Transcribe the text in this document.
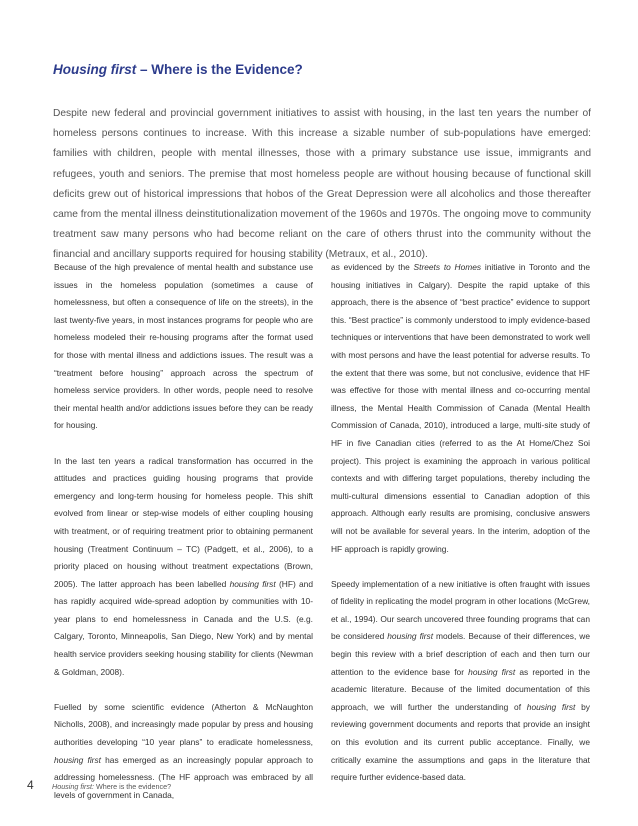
Housing first – Where is the Evidence?

Despite new federal and provincial government initiatives to assist with housing, in the last ten years the number of homeless persons continues to increase. With this increase a sizable number of sub-populations have emerged: families with children, people with mental illnesses, those with a primary substance use issue, immigrants and refugees, youth and seniors. The premise that most homeless people are without housing because of functional skill deficits grew out of historical impressions that hobos of the Great Depression were all alcoholics and those thereafter came from the mental illness deinstitutionalization movement of the 1960s and 1970s. The ongoing move to community treatment saw many persons who had become reliant on the care of others thrust into the community without the financial and ancillary supports required for housing stability (Metraux, et al., 2010).

Because of the high prevalence of mental health and substance use issues in the homeless population (sometimes a cause of homelessness, but often a consequence of life on the streets), in the last twenty-five years, in most instances programs for people who are homeless modeled their re-housing programs after the format used for those with mental illness and addictions issues. The result was a “treatment before housing” approach across the spectrum of homeless service providers. In other words, people need to resolve their mental health and/or addictions issues before they can be ready for housing.

In the last ten years a radical transformation has occurred in the attitudes and practices guiding housing programs that provide emergency and long-term housing for homeless people. This shift evolved from linear or step-wise models of either coupling housing with treatment, or of requiring treatment prior to obtaining permanent housing (Treatment Continuum – TC) (Padgett, et al., 2006), to a priority placed on housing without treatment expectations (Brown, 2005). The latter approach has been labelled housing first (HF) and has rapidly acquired wide-spread adoption by communities with 10-year plans to end homelessness in Canada and the U.S. (e.g. Calgary, Toronto, Minneapolis, San Diego, New York) and by mental health service providers seeking housing stability for clients (Newman & Goldman, 2008).

Fuelled by some scientific evidence (Atherton & McNaughton Nicholls, 2008), and increasingly made popular by press and housing authorities developing “10 year plans” to eradicate homelessness, housing first has emerged as an increasingly popular approach to addressing homelessness. (The HF approach was embraced by all levels of government in Canada,

as evidenced by the Streets to Homes initiative in Toronto and the housing initiatives in Calgary). Despite the rapid uptake of this approach, there is the absence of “best practice” evidence to support this. “Best practice” is commonly understood to imply evidence-based techniques or interventions that have been demonstrated to work well with most persons and have the least potential for adverse results. To the extent that there was some, but not conclusive, evidence that HF was effective for those with mental illness and co-occurring mental illness, the Mental Health Commission of Canada (Mental Health Commission of Canada, 2010), introduced a large, multi-site study of HF in five Canadian cities (referred to as the At Home/Chez Soi project). This project is examining the approach in various political contexts and with differing target populations, thereby including the multi-cultural dimensions essential to Canadian adoption of this approach. Although early results are promising, conclusive answers will not be available for several years. In the interim, adoption of the HF approach is rapidly growing.

Speedy implementation of a new initiative is often fraught with issues of fidelity in replicating the model program in other locations (McGrew, et al., 1994). Our search uncovered three founding programs that can be considered housing first models. Because of their differences, we begin this review with a brief description of each and then turn our attention to the evidence base for housing first as reported in the academic literature. Because of the limited documentation of this approach, we will further the understanding of housing first by reviewing government documents and reports that provide an insight on this evolution and its current public acceptance. Finally, we critically examine the assumptions and gaps in the literature that require further evidence-based data.

4	Housing first: Where is the evidence?
